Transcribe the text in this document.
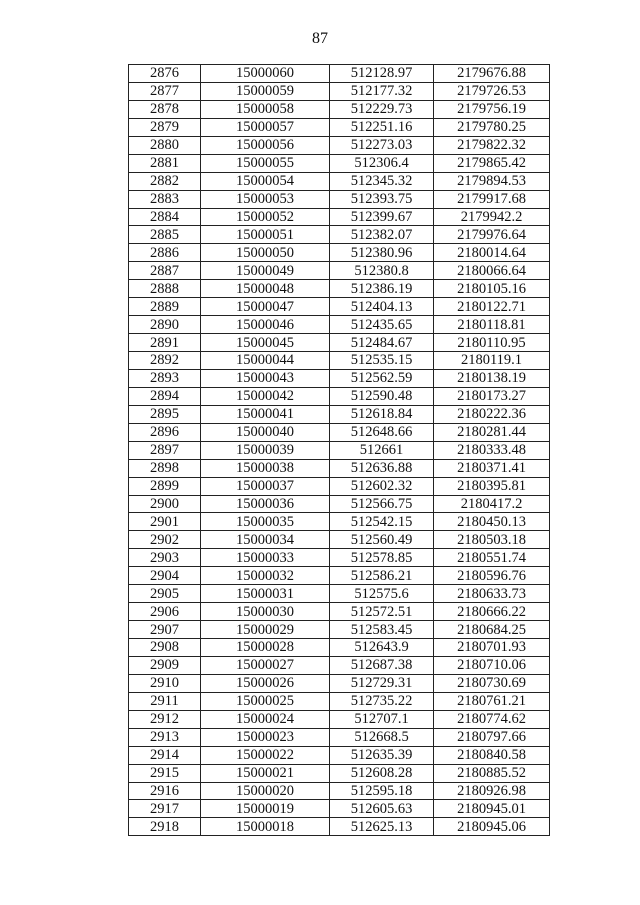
87
2876	15000060	512128.97	2179676.88
2877	15000059	512177.32	2179726.53
2878	15000058	512229.73	2179756.19
2879	15000057	512251.16	2179780.25
2880	15000056	512273.03	2179822.32
2881	15000055	512306.4	2179865.42
2882	15000054	512345.32	2179894.53
2883	15000053	512393.75	2179917.68
2884	15000052	512399.67	2179942.2
2885	15000051	512382.07	2179976.64
2886	15000050	512380.96	2180014.64
2887	15000049	512380.8	2180066.64
2888	15000048	512386.19	2180105.16
2889	15000047	512404.13	2180122.71
2890	15000046	512435.65	2180118.81
2891	15000045	512484.67	2180110.95
2892	15000044	512535.15	2180119.1
2893	15000043	512562.59	2180138.19
2894	15000042	512590.48	2180173.27
2895	15000041	512618.84	2180222.36
2896	15000040	512648.66	2180281.44
2897	15000039	512661	2180333.48
2898	15000038	512636.88	2180371.41
2899	15000037	512602.32	2180395.81
2900	15000036	512566.75	2180417.2
2901	15000035	512542.15	2180450.13
2902	15000034	512560.49	2180503.18
2903	15000033	512578.85	2180551.74
2904	15000032	512586.21	2180596.76
2905	15000031	512575.6	2180633.73
2906	15000030	512572.51	2180666.22
2907	15000029	512583.45	2180684.25
2908	15000028	512643.9	2180701.93
2909	15000027	512687.38	2180710.06
2910	15000026	512729.31	2180730.69
2911	15000025	512735.22	2180761.21
2912	15000024	512707.1	2180774.62
2913	15000023	512668.5	2180797.66
2914	15000022	512635.39	2180840.58
2915	15000021	512608.28	2180885.52
2916	15000020	512595.18	2180926.98
2917	15000019	512605.63	2180945.01
2918	15000018	512625.13	2180945.06
